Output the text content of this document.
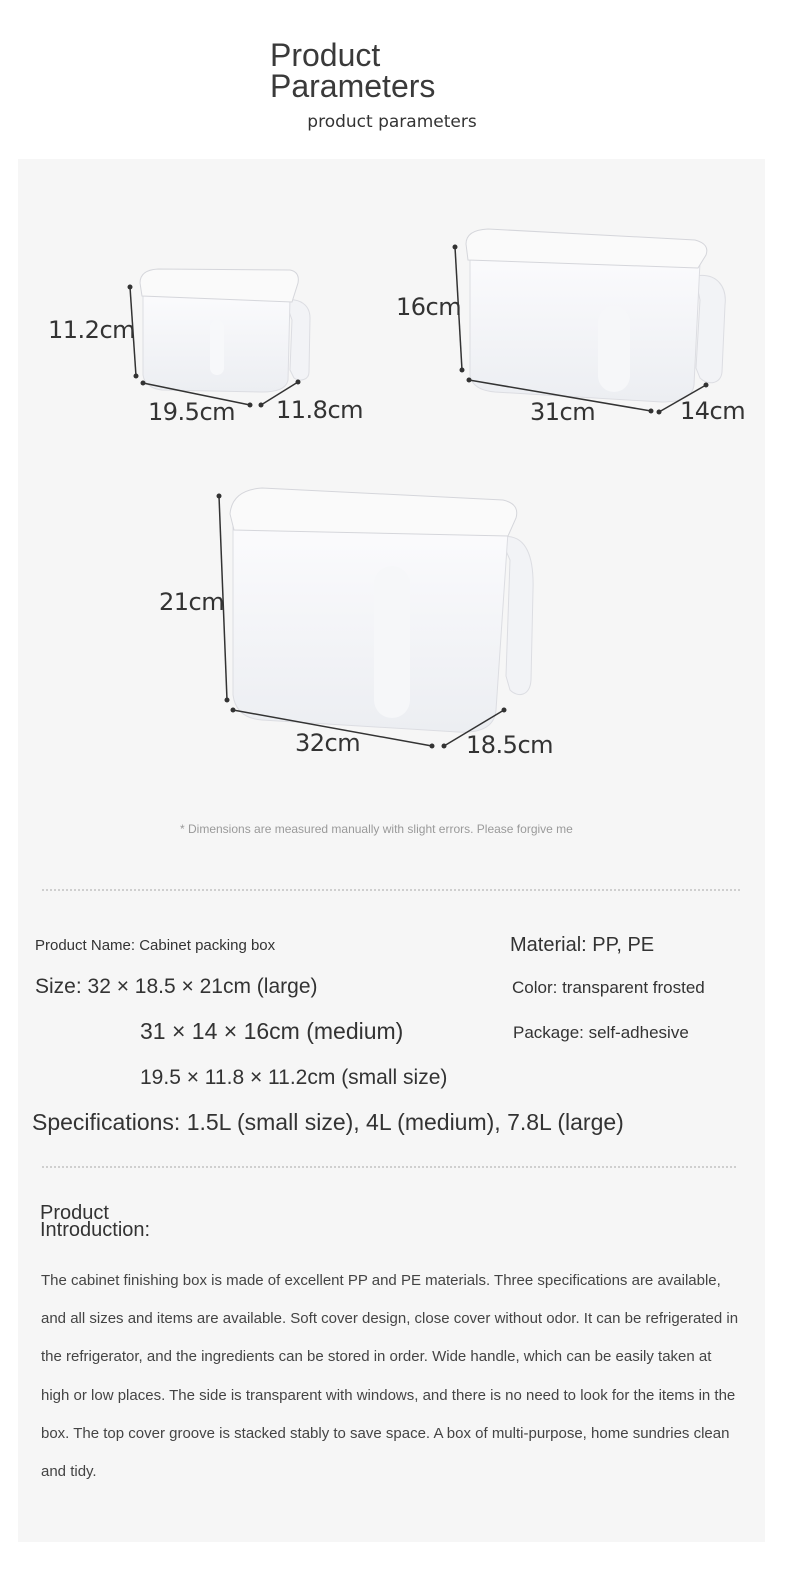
Product Parameters
product parameters
11.2cm
19.5cm 11.8cm
16cm
31cm	14cm
21cm
32cm	18.5cm
* Dimensions are measured manually with slight errors. Please forgive me
Product Name: Cabinet packing box	Material: PP, PE
Size: 32 × 18.5 × 21cm (large)	Color: transparent frosted
31 × 14 × 16cm (medium)	Package: self-adhesive
19.5 × 11.8 × 11.2cm (small size)
Specifications: 1.5L (small size), 4L (medium), 7.8L (large)
Product Introduction:
The cabinet finishing box is made of excellent PP and PE materials. Three specifications are available, and all sizes and items are available. Soft cover design, close cover without odor. It can be refrigerated in the refrigerator, and the ingredients can be stored in order. Wide handle, which can be easily taken at high or low places. The side is transparent with windows, and there is no need to look for the items in the box. The top cover groove is stacked stably to save space. A box of multi-purpose, home sundries clean and tidy.
